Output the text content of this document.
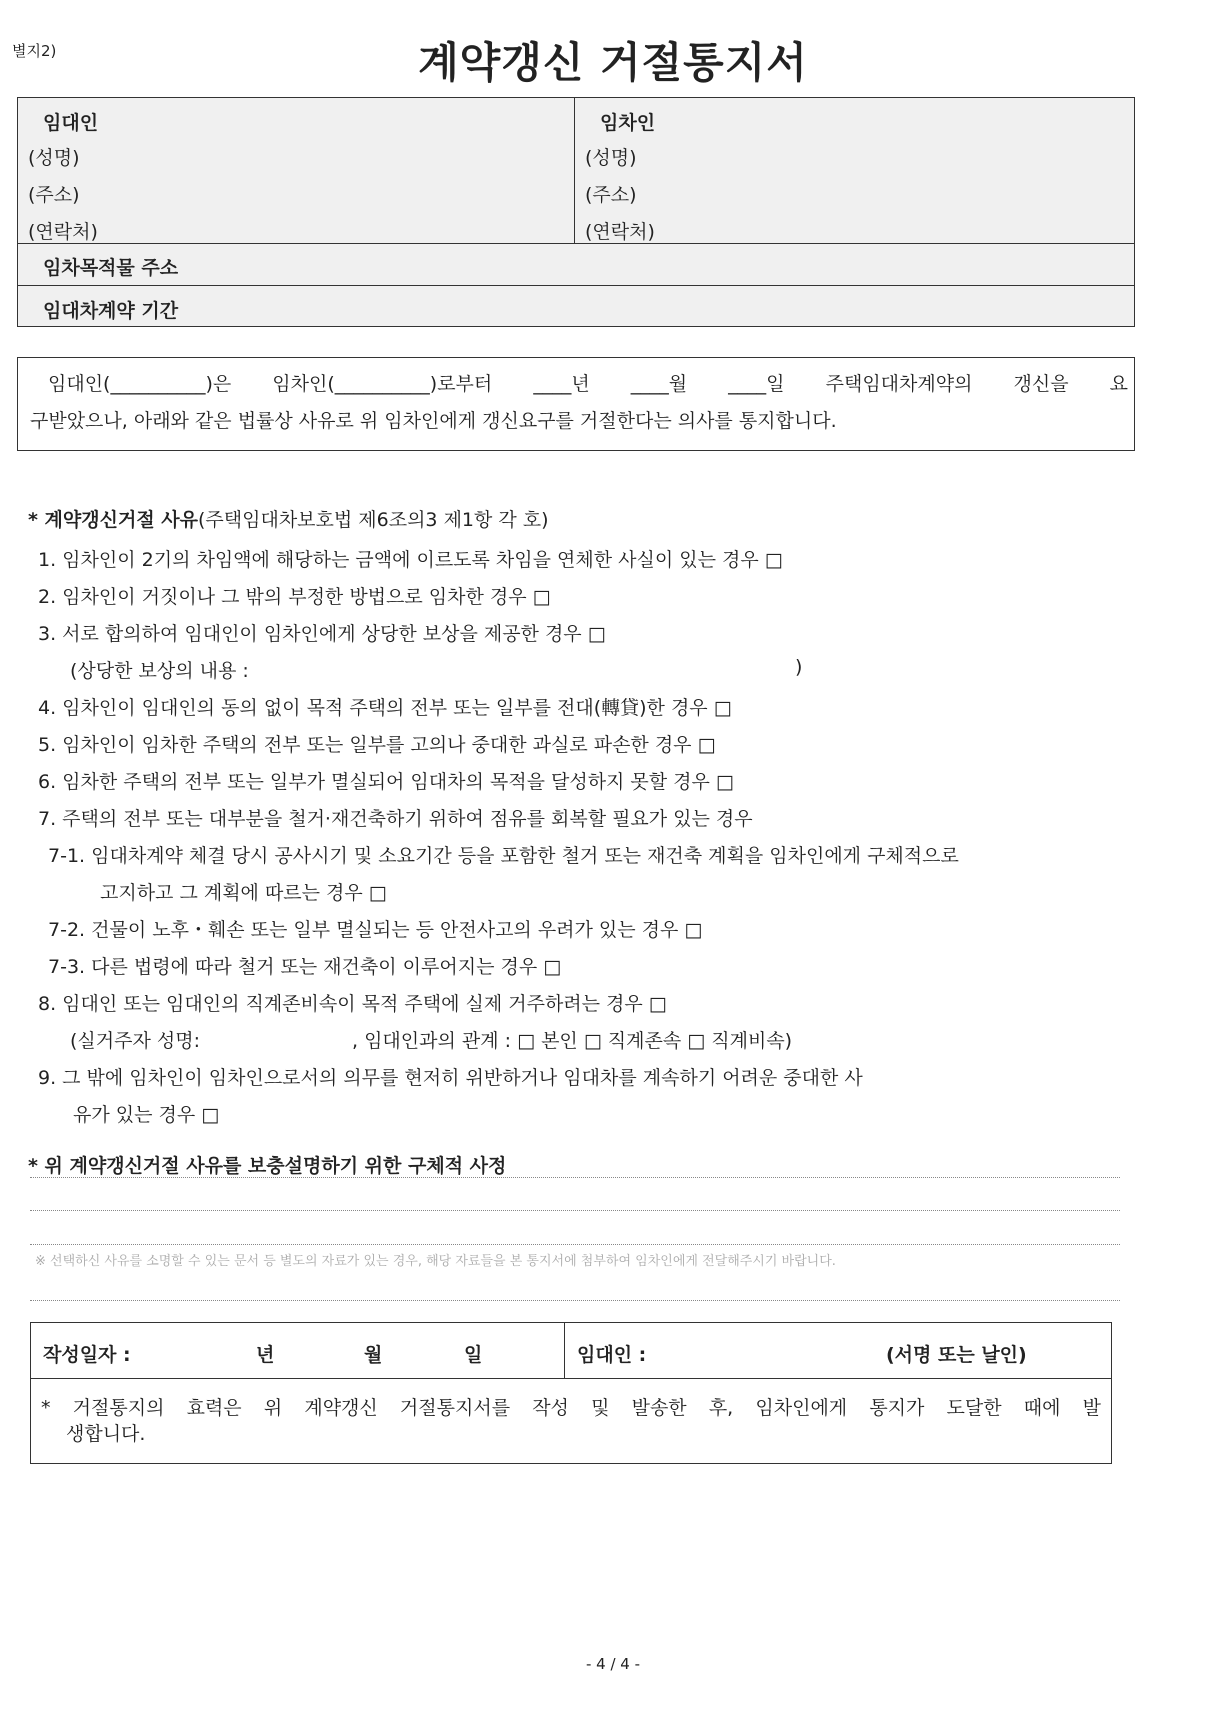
별지2)	계약갱신 거절통지서
임대인
(성명)
(주소)
(연락처)
임차인
(성명)
(주소)
(연락처)
임차목적물 주소
임대차계약 기간
임대인(__________)은 임차인(__________)로부터 ____년 ____월 ____일 주택임대차계약의 갱신을 요
구받았으나, 아래와 같은 법률상 사유로 위 임차인에게 갱신요구를 거절한다는 의사를 통지합니다.
* 계약갱신거절 사유(주택임대차보호법 제6조의3 제1항 각 호)
1. 임차인이 2기의 차임액에 해당하는 금액에 이르도록 차임을 연체한 사실이 있는 경우 □
2. 임차인이 거짓이나 그 밖의 부정한 방법으로 임차한 경우 □
3. 서로 합의하여 임대인이 임차인에게 상당한 보상을 제공한 경우 □
(상당한 보상의 내용 :	)
4. 임차인이 임대인의 동의 없이 목적 주택의 전부 또는 일부를 전대(轉貸)한 경우 □
5. 임차인이 임차한 주택의 전부 또는 일부를 고의나 중대한 과실로 파손한 경우 □
6. 임차한 주택의 전부 또는 일부가 멸실되어 임대차의 목적을 달성하지 못할 경우 □
7. 주택의 전부 또는 대부분을 철거·재건축하기 위하여 점유를 회복할 필요가 있는 경우
7-1. 임대차계약 체결 당시 공사시기 및 소요기간 등을 포함한 철거 또는 재건축 계획을 임차인에게 구체적으로
고지하고 그 계획에 따르는 경우 □
7-2. 건물이 노후・훼손 또는 일부 멸실되는 등 안전사고의 우려가 있는 경우 □
7-3. 다른 법령에 따라 철거 또는 재건축이 이루어지는 경우 □
8. 임대인 또는 임대인의 직계존비속이 목적 주택에 실제 거주하려는 경우 □
(실거주자 성명:	, 임대인과의 관계 : □ 본인 □ 직계존속 □ 직계비속)
9. 그 밖에 임차인이 임차인으로서의 의무를 현저히 위반하거나 임대차를 계속하기 어려운 중대한 사
유가 있는 경우 □
* 위 계약갱신거절 사유를 보충설명하기 위한 구체적 사정
※ 선택하신 사유를 소명할 수 있는 문서 등 별도의 자료가 있는 경우, 해당 자료들을 본 통지서에 첨부하여 임차인에게 전달해주시기 바랍니다.
작성일자 :	년	월	일	임대인 :	(서명 또는 날인)
* 거절통지의 효력은 위 계약갱신 거절통지서를 작성 및 발송한 후, 임차인에게 통지가 도달한 때에 발
생합니다.
- 4 / 4 -
